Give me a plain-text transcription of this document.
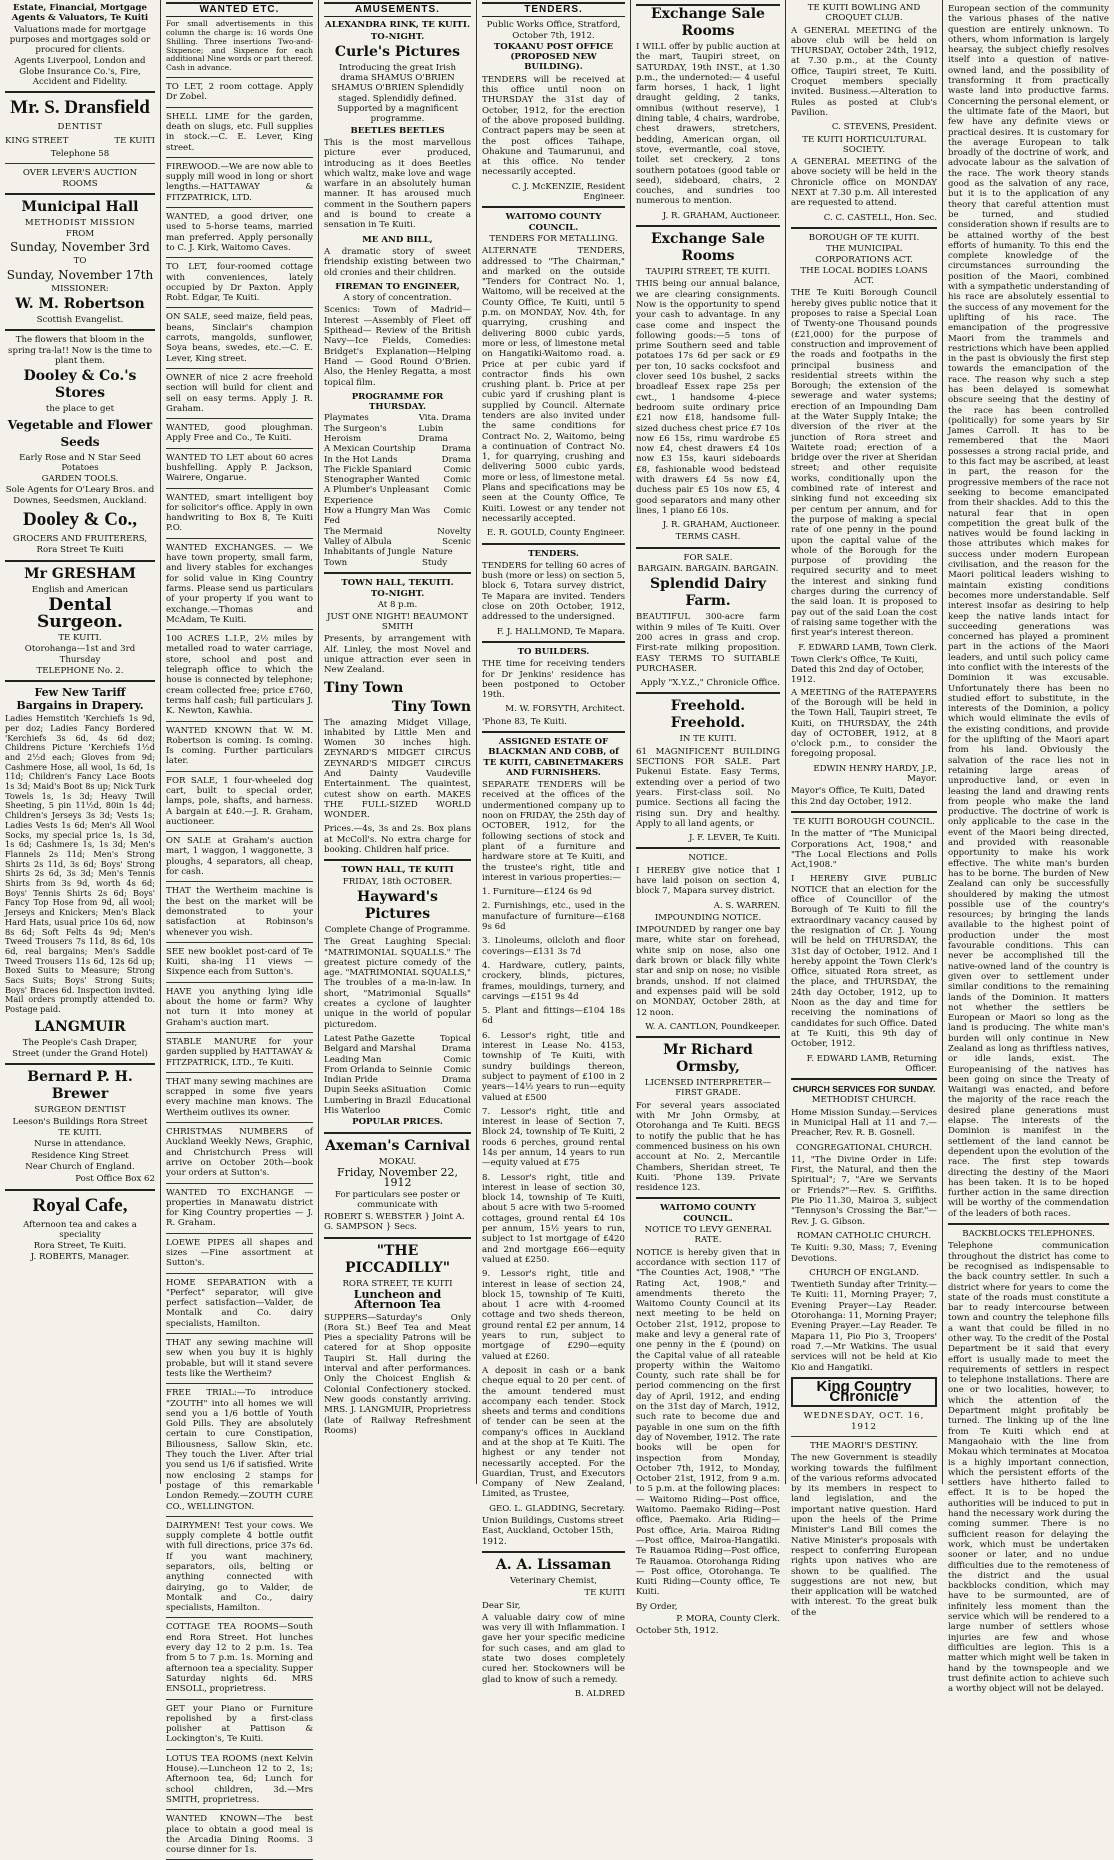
Estate, Financial, Mortgage Agents & Valuators, Te Kuiti

Valuations made for mortgage purposes and mortgages sold or procured for clients.

Agents Liverpool, London and Globe Insurance Co.'s, Fire, Accident and Fidelity.

Mr. S. Dransfield

DENTIST

KING STREET	TE KUITI

Telephone 58

OVER LEVER'S AUCTION ROOMS

Municipal Hall

METHODIST MISSION

FROM

Sunday, November 3rd

TO

Sunday, November 17th

MISSIONER:

W. M. Robertson

Scottish Evangelist.

The flowers that bloom in the spring tra-la!! Now is the time to plant them.

Dooley & Co.'s Stores

the place to get

Vegetable and Flower Seeds

Early Rose and N Star Seed Potatoes

GARDEN TOOLS.

Sole Agents for O'Leary Bros. and Downes, Seedsmen, Auckland.

Dooley & Co.,

GROCERS AND FRUITERERS,

Rora Street Te Kuiti

Mr GRESHAM

English and American

Dental Surgeon.

TE KUITI.

Otorohanga—1st and 3rd Thursday

TELEPHONE No. 2.

Few New Tariff Bargains in Drapery.

Ladies Hemstitch 'Kerchiefs 1s 9d, per doz; Ladies Fancy Bordered 'Kerchiefs 3s 6d, 4s 6d doz; Childrens Picture 'Kerchiefs 1½d and 2½d each; Gloves from 9d; Cashmere Hose, all wool, 1s 6d, 1s 11d; Children's Fancy Lace Boots 1s 3d; Maid's Boot 8s up; Nick Turk Towels 1s, 1s 3d; Heavy Twill Sheeting, 5 pin 11½d, 80in 1s 4d; Children's Jerseys 3s 3d; Vests 1s; Ladies Vests 1s 6d; Men's All Wool Socks, my special price 1s, 1s 3d, 1s 6d; Cashmere 1s, 1s 3d; Men's Flannels 2s 11d; Men's Strong Shirts 2s 11d, 3s 6d; Boys' Strong Shirts 2s 6d, 3s 3d; Men's Tennis Shirts from 3s 9d, worth 4s 6d; Boys' Tennis Shirts 2s 6d; Boys' Fancy Top Hose from 9d, all wool; Jerseys and Knickers; Men's Black Hard Hats, usual price 10s 6d, now 8s 6d; Soft Felts 4s 9d; Men's Tweed Trousers 7s 11d, 8s 6d, 10s 6d, real bargains; Men's Saddle Tweed Trousers 11s 6d, 12s 6d up; Boxed Suits to Measure; Strong Sacs Suits; Boys' Strong Suits; Boys' Braces 6d. Inspection invited. Mail orders promptly attended to. Postage paid.

LANGMUIR

The People's Cash Draper,

Street (under the Grand Hotel)

Bernard P. H. Brewer

SURGEON DENTIST

Leeson's Buildings Rora Street

TE KUITI.

Nurse in attendance.

Residence King Street

Near Church of England.

Post Office Box 62

Royal Cafe,

Afternoon tea and cakes a speciality

Rora Street, Te Kuiti.

J. ROBERTS, Manager.

WANTED ETC.

For small advertisements in this column the charge is: 16 words One Shilling. Three insertions Two-and-Sixpence; and Sixpence for each additional Nine words or part thereof. Cash in advance.

TO LET, 2 room cottage. Apply Dr Zobel.

SHELL LIME for the garden, death on slugs, etc. Full supplies in stock.—C. E. Lever, King street.

FIREWOOD.—We are now able to supply mill wood in long or short lengths.—HATTAWAY & FITZPATRICK, LTD.

WANTED, a good driver, one used to 5-horse teams, married man preferred. Apply personally to C. J. Kirk, Waitomo Caves.

TO LET, four-roomed cottage with conveniences, lately occupied by Dr Paxton. Apply Robt. Edgar, Te Kuiti.

ON SALE, seed maize, field peas, beans, Sinclair's champion carrots, mangolds, sunflower, Soya beans, swedes, etc.—C. E. Lever, King street.

OWNER of nice 2 acre freehold section will build for client and sell on easy terms. Apply J. R. Graham.

WANTED, good ploughman. Apply Free and Co., Te Kuiti.

WANTED TO LET about 60 acres bushfelling. Apply P. Jackson, Wairere, Ongarue.

WANTED, smart intelligent boy for solicitor's office. Apply in own handwriting to Box 8, Te Kuiti P.O.

WANTED EXCHANGES. — We have town property, small farm, and livery stables for exchanges for solid value in King Country farms. Please send us particulars of your property if you want to exchange.—Thomas and McAdam, Te Kuiti.

100 ACRES L.I.P., 2½ miles by metalled road to water carriage, store, school and post and telegraph office to which the house is connected by telephone; cream collected free; price £760, terms half cash; full particulars J. K. Newton, Kawhia.

WANTED KNOWN that W. M. Robertson is coming. Is coming. Is coming. Further particulars later.

FOR SALE, 1 four-wheeled dog cart, built to special order, lamps, pole, shafts, and harness. A bargain at £40.—J. R. Graham, auctioneer.

ON SALE at Graham's auction mart, 1 waggon, 1 waggonette, 3 ploughs, 4 separators, all cheap, for cash.

THAT the Wertheim machine is the best on the market will be demonstrated to your satisfaction at Robinson's whenever you wish.

SEE new booklet post-card of Te Kuiti, sha-ing 11 views — Sixpence each from Sutton's.

HAVE you anything lying idle about the home or farm? Why not turn it into money at Graham's auction mart.

STABLE MANURE for your garden supplied by HATTAWAY & FITZPATRICK, LTD., Te Kuiti.

THAT many sewing machines are scrapped in some five years every machine man knows. The Wertheim outlives its owner.

CHRISTMAS NUMBERS of Auckland Weekly News, Graphic, and Christchurch Press will arrive on October 20th—book your orders at Sutton's.

WANTED TO EXCHANGE — properties in Manawatu district for King Country properties — J. R. Graham.

LOEWE PIPES all shapes and sizes —Fine assortment at Sutton's.

HOME SEPARATION with a "Perfect" separator, will give perfect satisfaction—Valder, de Montalk and Co. dairy specialists, Hamilton.

THAT any sewing machine will sew when you buy it is highly probable, but will it stand severe tests like the Wertheim?

FREE TRIAL:—To introduce "ZOUTH" into all homes we will send you a 1/6 bottle of Youth Gold Pills. They are absolutely certain to cure Constipation, Biliousness, Sallow Skin, etc. They touch the Liver. After trial you send us 1/6 if satisfied. Write now enclosing 2 stamps for postage of this remarkable London Remedy.—ZOUTH CURE CO., WELLINGTON.

DAIRYMEN! Test your cows. We supply complete 4 bottle outfit with full directions, price 37s 6d. If you want machinery, separators, oils, belting or anything connected with dairying, go to Valder, de Montalk and Co., dairy specialists, Hamilton.

COTTAGE TEA ROOMS—South end Rora Street. Hot lunches every day 12 to 2 p.m. 1s. Tea from 5 to 7 p.m. 1s. Morning and afternoon tea a speciality. Supper Saturday nights 6d. MRS ENSOLL, proprietress.

GET your Piano or Furniture repolished by a first-class polisher at Pattison & Lockington's, Te Kuiti.

LOTUS TEA ROOMS (next Kelvin House).—Luncheon 12 to 2, 1s; Afternoon tea, 6d; Lunch for school children, 3d.—Mrs SMITH, proprietress.

WANTED KNOWN—The best place to obtain a good meal is the Arcadia Dining Rooms. 3 course dinner for 1s.

AMUSEMENTS.

ALEXANDRA RINK, TE KUITI.

TO-NIGHT.

Curle's Pictures

Introducing the great Irish drama SHAMUS O'BRIEN SHAMUS O'BRIEN Splendidly staged. Splendidly defined. Supported by a magnificent programme.

BEETLES BEETLES

This is the most marvellous picture ever produced, introducing as it does Beetles which waltz, make love and wage warfare in an absolutely human manner. It has aroused much comment in the Southern papers and is bound to create a sensation in Te Kuiti.

ME AND BILL,

A dramatic story of sweet friendship existing between two old cronies and their children.

FIREMAN TO ENGINEER,

A story of concentration.

Scenics: Town of Madrid—Interest —Assembly of Fleet off Spithead— Review of the British Navy—Ice Fields, Comedies: Bridget's Explanation—Helping Hand — Good Round O'Brien. Also, the Henley Regatta, a most topical film.

PROGRAMME FOR THURSDAY.

Playmates	Vita. Drama
The Surgeon's Heroism
Lubin Drama
A Mexican Courtship	Drama
In the Hot Lands	Drama
The Fickle Spaniard	Comic
Stenographer Wanted	Comic
A Plumber's Unpleasant Experience
Comic
How a Hungry Man Was Fed
Comic
The Mermaid	Novelty
Valley of Albula	Scenic
Inhabitants of Jungle Town
Nature Study

TOWN HALL, TEKUITI.

TO-NIGHT.

At 8 p.m.

JUST ONE NIGHT! BEAUMONT SMITH

Presents, by arrangement with Alf. Linley, the most Novel and unique attraction ever seen in New Zealand.

Tiny Town
Tiny Town

The amazing Midget Village, inhabited by Little Men and Women 30 inches high. ZEYNARD'S MIDGET CIRCUS ZEYNARD'S MIDGET CIRCUS And Dainty Vaudeville Entertainment. The quaintest, cutest show on earth. MAKES THE FULL-SIZED WORLD WONDER.

Prices.—4s, 3s and 2s. Box plans at McColl's. No extra charge for booking. Children half price.

TOWN HALL, TE KUITI

FRIDAY, 18th OCTOBER.

Hayward's Pictures

Complete Change of Programme.

The Great Laughing Special: "MATRIMONIAL SQUALLS." The greatest picture comedy of the age. "MATRIMONIAL SQUALLS," The troubles of a ma-in-law. In short, "Matrimonial Squalls" creates a cyclone of laughter unique in the world of popular picturedom.

Latest Pathe Gazette	Topical
Belgard and Marshal	Drama
Leading Man	Comic
From Orlanda to Seinnie Comic
Indian Pride	Drama
Dupin Seeks aSituation Comic
Lumbering in Brazil Educational
His Waterloo	Comic

POPULAR PRICES.

Axeman's Carnival

MOKAU.

Friday, November 22, 1912

For particulars see poster or communicate with

ROBERT S. WEBSTER } Joint A. G. SAMPSON } Secs.

"THE PICCADILLY"

RORA STREET, TE KUITI

Luncheon and Afternoon Tea

SUPPERS—Saturday's Only (Rora St.) Beef Tea and Meat Pies a speciality Patrons will be catered for at Shop opposite Taupiri St. Hall during the interval and after performances. Only the Choicest English & Colonial Confectionery stocked. New goods constantly arriving. MRS. J. LANGMUIR, Proprietress (late of Railway Refreshment Rooms)

TENDERS.

Public Works Office, Stratford, October 7th, 1912.

TOKAANU POST OFFICE (PROPOSED NEW BUILDING).

TENDERS will be received at this office until noon on THURSDAY the 31st day of October, 1912, for the erection of the above proposed building. Contract papers may be seen at the post offices Taihape, Ohakune and Taumarunui, and at this office. No tender necessarily accepted.

C. J. McKENZIE, Resident Engineer.

WAITOMO COUNTY COUNCIL.

TENDERS FOR METALLING.

ALTERNATE TENDERS, addressed to "The Chairman," and marked on the outside "Tenders for Contract No. 1, Waitomo, will be received at the County Office, Te Kuiti, until 5 p.m. on MONDAY, Nov. 4th, for quarrying, crushing and delivering 8000 cubic yards, more or less, of limestone metal on Hangatiki-Waitomo road. a. Price at per cubic yard if contractor finds his own crushing plant. b. Price at per cubic yard if crushing plant is supplied by Council. Alternate tenders are also invited under the same conditions for Contract No. 2, Waitomo, being a continuation of Contract No. 1, for quarrying, crushing and delivering 5000 cubic yards, more or less, of limestone metal. Plans and specifications may be seen at the County Office, Te Kuiti. Lowest or any tender not necessarily accepted.

E. R. GOULD, County Engineer.

TENDERS.

TENDERS for telling 60 acres of bush (more or less) on section 5, block 6, Totara survey district, Te Mapara are invited. Tenders close on 20th October, 1912, addressed to the undersigned.

F. J. HALLMOND, Te Mapara.

TO BUILDERS.

THE time for receiving tenders for Dr Jenkins' residence has been postponed to October 19th.

M. W. FORSYTH, Architect.

'Phone 83, Te Kuiti.

ASSIGNED ESTATE OF BLACKMAN AND COBB, of TE KUITI, CABINETMAKERS AND FURNISHERS.

SEPARATE TENDERS will be received at the offices of the undermentioned company up to noon on FRIDAY, the 25th day of OCTOBER, 1912, for the following sections of stock and plant of a furniture and hardware store at Te Kuiti, and the trustee's right, title and interest in various properties:—

1. Furniture—£124 6s 9d

2. Furnishings, etc., used in the manufacture of furniture—£168 9s 6d

3. Linoleums, oilcloth and floor coverings—£131 3s 7d

4. Hardware, cutlery, paints, crockery, blinds, pictures, frames, mouldings, turnery, and carvings —£151 9s 4d

5. Plant and fittings—£104 18s 6d

6. Lessor's right, title and interest in Lease No. 4153, township of Te Kuiti, with sundry buildings thereon, subject to payment of £100 in 2 years—14½ years to run—equity valued at £500

7. Lessor's right, title and interest in lease of Section 7, Block 24, township of Te Kuiti, 2 roods 6 perches, ground rental 14s per annum, 14 years to run—equity valued at £75

8. Lessor's right, title and interest in lease of section 30, block 14, township of Te Kuiti, about 5 acre with two 5-roomed cottages, ground rental £4 10s per annum, 15½ years to run, subject to 1st mortgage of £420 and 2nd mortgage £66—equity valued at £250.

9. Lessor's right, title and interest in lease of section 24, block 15, township of Te Kuiti, about 1 acre with 4-roomed cottage and two sheds thereon, ground rental £2 per annum, 14 years to run, subject to mortgage of £290—equity valued at £260.

A deposit in cash or a bank cheque equal to 20 per cent. of the amount tendered must accompany each tender. Stock sheets and terms and conditions of tender can be seen at the company's offices in Auckland and at the shop at Te Kuiti. The highest or any tender not necessarily accepted. For the Guardian, Trust, and Executors Company of New Zealand, Limited, as Trustee,

GEO. L. GLADDING, Secretary.

Union Buildings, Customs street East, Auckland, October 15th, 1912.

A. A. Lissaman

Veterinary Chemist,

TE KUITI

Dear Sir,

A valuable dairy cow of mine was very ill with Inflammation. I gave her your specific medicine for such cases, and am glad to state two doses completely cured her. Stockowners will be glad to know of such a remedy.

B. ALDRED

Exchange Sale Rooms

I WILL offer by public auction at the mart, Taupiri street, on SATURDAY, 19th INST., at 1.30 p.m., the undernoted:— 4 useful farm horses, 1 hack, 1 light draught gelding, 2 tanks, omnibus (without reserve), 1 dining table, 4 chairs, wardrobe, chest drawers, stretchers, bedding, American organ, oil stove, evermantle, coal stove, toilet set creckery, 2 tons southern potatoes (good table or seed), sideboard, chairs, 2 couches, and sundries too numerous to mention.

J. R. GRAHAM, Auctioneer.

Exchange Sale Rooms

TAUPIRI STREET, TE KUITI.

THIS being our annual balance, we are clearing consignments. Now is the opportunity to spend your cash to advantage. In any case come and inspect the following goods:—5 tons of prime Southern seed and table potatoes 17s 6d per sack or £9 per ton, 10 sacks cocksfoot and clover seed 10s bushel, 2 sacks broadleaf Essex rape 25s per cwt., 1 handsome 4-piece bedroom suite ordinary price £21 now £18, handsome full-sized duchess chest price £7 10s now £6 15s, rimu wardrobe £5 now £4, chest drawers £4 10s now £3 15s, kauri sideboards £8, fashionable wood bedstead with drawers £4 5s now £4, duchess pair £5 10s now £5, 4 good separators and many other lines, 1 piano £6 10s.

J. R. GRAHAM, Auctioneer.

TERMS CASH.

FOR SALE.

BARGAIN. BARGAIN. BARGAIN.

Splendid Dairy Farm.

BEAUTIFUL 300-acre farm within 9 miles of Te Kuiti. Over 200 acres in grass and crop. First-rate milking proposition. EASY TERMS TO SUITABLE PURCHASER.

Apply "X.Y.Z.," Chronicle Office.

Freehold. Freehold.

IN TE KUITI.

61 MAGNIFICENT BUILDING SECTIONS FOR SALE. Part Pukenui Estate. Easy Terms, extending over a period of two years. First-class soil. No pumice. Sections all facing the rising sun. Dry and healthy. Apply to all land agents, or

J. F. LEVER, Te Kuiti.

NOTICE.

I HEREBY give notice that I have laid poison on section 4, block 7, Mapara survey district.

A. S. WARREN.

IMPOUNDING NOTICE.

IMPOUNDED by ranger one bay mare, white star on forehead, white snip on nose, also one dark brown or black filly white star and snip on nose; no visible brands, unshod. If not claimed and expenses paid will be sold on MONDAY, October 28th, at 12 noon.

W. A. CANTLON, Poundkeeper.

Mr Richard Ormsby,

LICENSED INTERPRETER—FIRST GRADE.

For several years associated with Mr John Ormsby, at Otorohanga and Te Kuiti. BEGS to notify the public that he has commenced business on his own account at No. 2, Mercantile Chambers, Sheridan street, Te Kuiti. 'Phone 139. Private residence 123.

WAITOMO COUNTY COUNCIL.

NOTICE TO LEVY GENERAL RATE.

NOTICE is hereby given that in accordance with section 117 of "The Counties Act, 1908," "The Rating Act, 1908," and amendments thereto the Waitomo County Council at its next meeting to be held on October 21st, 1912, propose to make and levy a general rate of one penny in the £ (pound) on the Capital value of all rateable property within the Waitomo County, such rate shall be for period commencing on the first day of April, 1912, and ending on the 31st day of March, 1912, such rate to become due and payable in one sum on the fifth day of November, 1912. The rate books will be open for inspection from Monday, October 7th, 1912, to Monday, October 21st, 1912, from 9 a.m. to 5 p.m. at the following places:— Waitomo Riding—Post office, Waitomo. Paemako Riding—Post office, Paemako. Aria Riding—Post office, Aria. Mairoa Riding—Post office, Mairoa-Hangatiki. Te Rauamoa Riding—Post office, Te Rauamoa. Otorohanga Riding — Post office, Otorohanga. Te Kuiti Riding—County office, Te Kuiti.

By Order,

P. MORA, County Clerk.

October 5th, 1912.

TE KUITI BOWLING AND CROQUET CLUB.

A GENERAL MEETING of the above club will be held on THURSDAY, October 24th, 1912, at 7.30 p.m., at the County Office, Taupiri street, Te Kuiti. Croquet members specially invited. Business.—Alteration to Rules as posted at Club's Pavilion.

C. STEVENS, President.

TE KUITI HORTICULTURAL SOCIETY.

A GENERAL MEETING of the above society will be held in the Chronicle office on MONDAY NEXT at 7.30 p.m. All interested are requested to attend.

C. C. CASTELL, Hon. Sec.

BOROUGH OF TE KUITI.

THE MUNICIPAL CORPORATIONS ACT.

THE LOCAL BODIES LOANS ACT.

THE Te Kuiti Borough Council hereby gives public notice that it proposes to raise a Special Loan of Twenty-one Thousand pounds (£21,000) for the purpose of construction and improvement of the roads and footpaths in the principal business and residential streets within the Borough; the extension of the sewerage and water systems; erection of an Impounding Dam at the Water Supply Intake; the diversion of the river at the junction of Rora street and Waitete road; erection of a bridge over the river at Sheridan street; and other requisite works, conditionally upon the combined rate of interest and sinking fund not exceeding six per centum per annum, and for the purpose of making a special rate of one penny in the pound upon the capital value of the whole of the Borough for the purpose of providing the required security and to meet the interest and sinking fund charges during the currency of the said loan. It is proposed to pay out of the said Loan the cost of raising same together with the first year's interest thereon.

F. EDWARD LAMB, Town Clerk.

Town Clerk's Office, Te Kuiti, Dated this 2nd day of October, 1912.

A MEETING of the RATEPAYERS of the Borough will be held in the Town Hall, Taupiri street, Te Kuiti, on THURSDAY, the 24th day of OCTOBER, 1912, at 8 o'clock p.m., to consider the foregoing proposal.

EDWIN HENRY HARDY, J.P., Mayor.

Mayor's Office, Te Kuiti, Dated this 2nd day October, 1912.

TE KUITI BOROUGH COUNCIL.

In the matter of "The Municipal Corporations Act, 1908," and "The Local Elections and Polls Act,1908."

I HEREBY GIVE PUBLIC NOTICE that an election for the office of Councillor of the Borough of Te Kuiti to fill the extraordinary vacancy caused by the resignation of Cr. J. Young will be held on THURSDAY, the 31st day of October, 1912. And I hereby appoint the Town Clerk's Office, situated Rora street, as the place, and THURSDAY, the 24th day October, 1912, up to Noon as the day and time for receiving the nominations of candidates for such Office. Dated at Te Kuiti, this 9th day of October, 1912.

F. EDWARD LAMB, Returning Officer.

CHURCH SERVICES FOR SUNDAY.

METHODIST CHURCH.

Home Mission Sunday.—Services in Municipal Hall at 11 and 7.—Preacher, Rev. R. B. Gosnell.

CONGREGATIONAL CHURCH.

11, "The Divine Order in Life: First, the Natural, and then the Spiritual"; 7, "Are we Servants or Friends?"—Rev. S. Griffiths. Pie Pio 11.30, Mairoa 3, subject "Tennyson's Crossing the Bar."—Rev. J. G. Gibson.

ROMAN CATHOLIC CHURCH.

Te Kuiti: 9.30, Mass; 7, Evening Devotions.

CHURCH OF ENGLAND.

Twentieth Sunday after Trinity.— Te Kuiti: 11, Morning Prayer; 7, Evening Prayer—Lay Reader. Otorohanga: 11, Morning Prayer; Evening Prayer.—Lay Reader. Te Mapara 11, Pio Pio 3, Troopers' road 7.—Mr Watkins. The usual services will not be held at Kio Kio and Hangatiki.

King Country Chronicle

WEDNESDAY, OCT. 16, 1912

THE MAORI'S DESTINY.

The new Government is steadily working towards the fulfilment of the various reforms advocated by its members in respect to land legislation, and the important native question. Hard upon the heels of the Prime Minister's Land Bill comes the Native Minister's proposals with respect to conferring European rights upon natives who are shown to be qualified. The suggestions are not new, but their application will be watched with interest. To the great bulk of the

European section of the community the various phases of the native question are entirely unknown. To others, whom information is largely hearsay, the subject chiefly resolves itself into a question of native-owned land, and the possibility of transforming it from practically waste land into productive farms. Concerning the personal element, or the ultimate fate of the Maori, but few have any definite views or practical desires. It is customary for the average European to talk broadly of the doctrine of work, and advocate labour as the salvation of the race. The work theory stands good as the salvation of any race, but it is to the application of any theory that careful attention must be turned, and studied consideration shown if results are to be attained worthy of the best efforts of humanity. To this end the complete knowledge of the circumstances surrounding the position of the Maori, combined with a sympathetic understanding of his race are absolutely essential to the success of any movement for the uplifting of his race. The emancipation of the progressive Maori from the trammels and restrictions which have been applied in the past is obviously the first step towards the emancipation of the race. The reason why such a step has been delayed is somewhat obscure seeing that the destiny of the race has been controlled (politically) for some years by Sir James Carroll. It has to be remembered that the Maori possesses a strong racial pride, and to this fact may be ascribed, at least in part, the reason for the progressive members of the race not seeking to become emancipated from their shackles. Add to this the natural fear that in open competition the great bulk of the natives would be found lacking in those attributes which makes for success under modern European civilisation, and the reason for the Maori political leaders wishing to maintain existing conditions becomes more understandable. Self interest insofar as desiring to help keep the native lands intact for succeeding generations was concerned has played a prominent part in the actions of the Maori leaders, and until such policy came into conflict with the interests of the Dominion it was excusable. Unfortunately there has been no studied effort to substitute, in the interests of the Dominion, a policy which would eliminate the evils of the existing conditions, and provide for the uplifting of the Maori apart from his land. Obviously the salvation of the race lies not in retaining large areas of unproductive land, or even in leasing the land and drawing rents from people who make the land productive. The doctrine of work is only applicable to the case in the event of the Maori being directed, and provided with reasonable opportunity to make his work effective. The white man's burden has to be borne. The burden of New Zealand can only be successfully shouldered by making the utmost possible use of the country's resources; by bringing the lands available to the highest point of production under the most favourable conditions. This can never be accomplished till the native-owned land of the country is given over to settlement under similar conditions to the remaining lands of the Dominion. It matters not whether the settlers be European or Maori so long as the land is producing. The white man's burden will only continue in New Zealand as long as thriftless natives, or idle lands, exist. The Europeanising of the natives has been going on since the Treaty of Waitangi was enacted, and before the majority of the race reach the desired plane generations must elapse. The interests of the Dominion is manifest in the settlement of the land cannot be dependent upon the evolution of the race. The first step towards directing the destiny of the Maori has been taken. It is to be hoped further action in the same direction will be worthy of the commendation of the leaders of both races.

BACKBLOCKS TELEPHONES.

Telephone communication throughout the district has come to be recognised as indispensable to the back country settler. In such a district where for years to come the state of the roads must constitute a bar to ready intercourse between town and country the telephone fills a want that could be filled in no other way. To the credit of the Postal Department be it said that every effort is usually made to meet the requirements of settlers in respect to telephone installations. There are one or two localities, however, to which the attention of the Department might profitably be turned. The linking up of the line from Te Kuiti which end at Mangaohaio with the line from Mokau which terminates at Mocatoa is a highly important connection, which the persistent efforts of the settlers have hitherto failed to effect. It is to be hoped the authorities will be induced to put in hand the necessary work during the coming summer. There is no sufficient reason for delaying the work, which must be undertaken sooner or later, and no undue difficulties due to the remoteness of the district and the usual backblocks condition, which may have to be surmounted, are of infinitely less moment than the service which will be rendered to a large number of settlers whose injuries are few and whose difficulties are legion. This is a matter which might well be taken in hand by the townspeople and we trust definite action to achieve such a worthy object will not be delayed.
